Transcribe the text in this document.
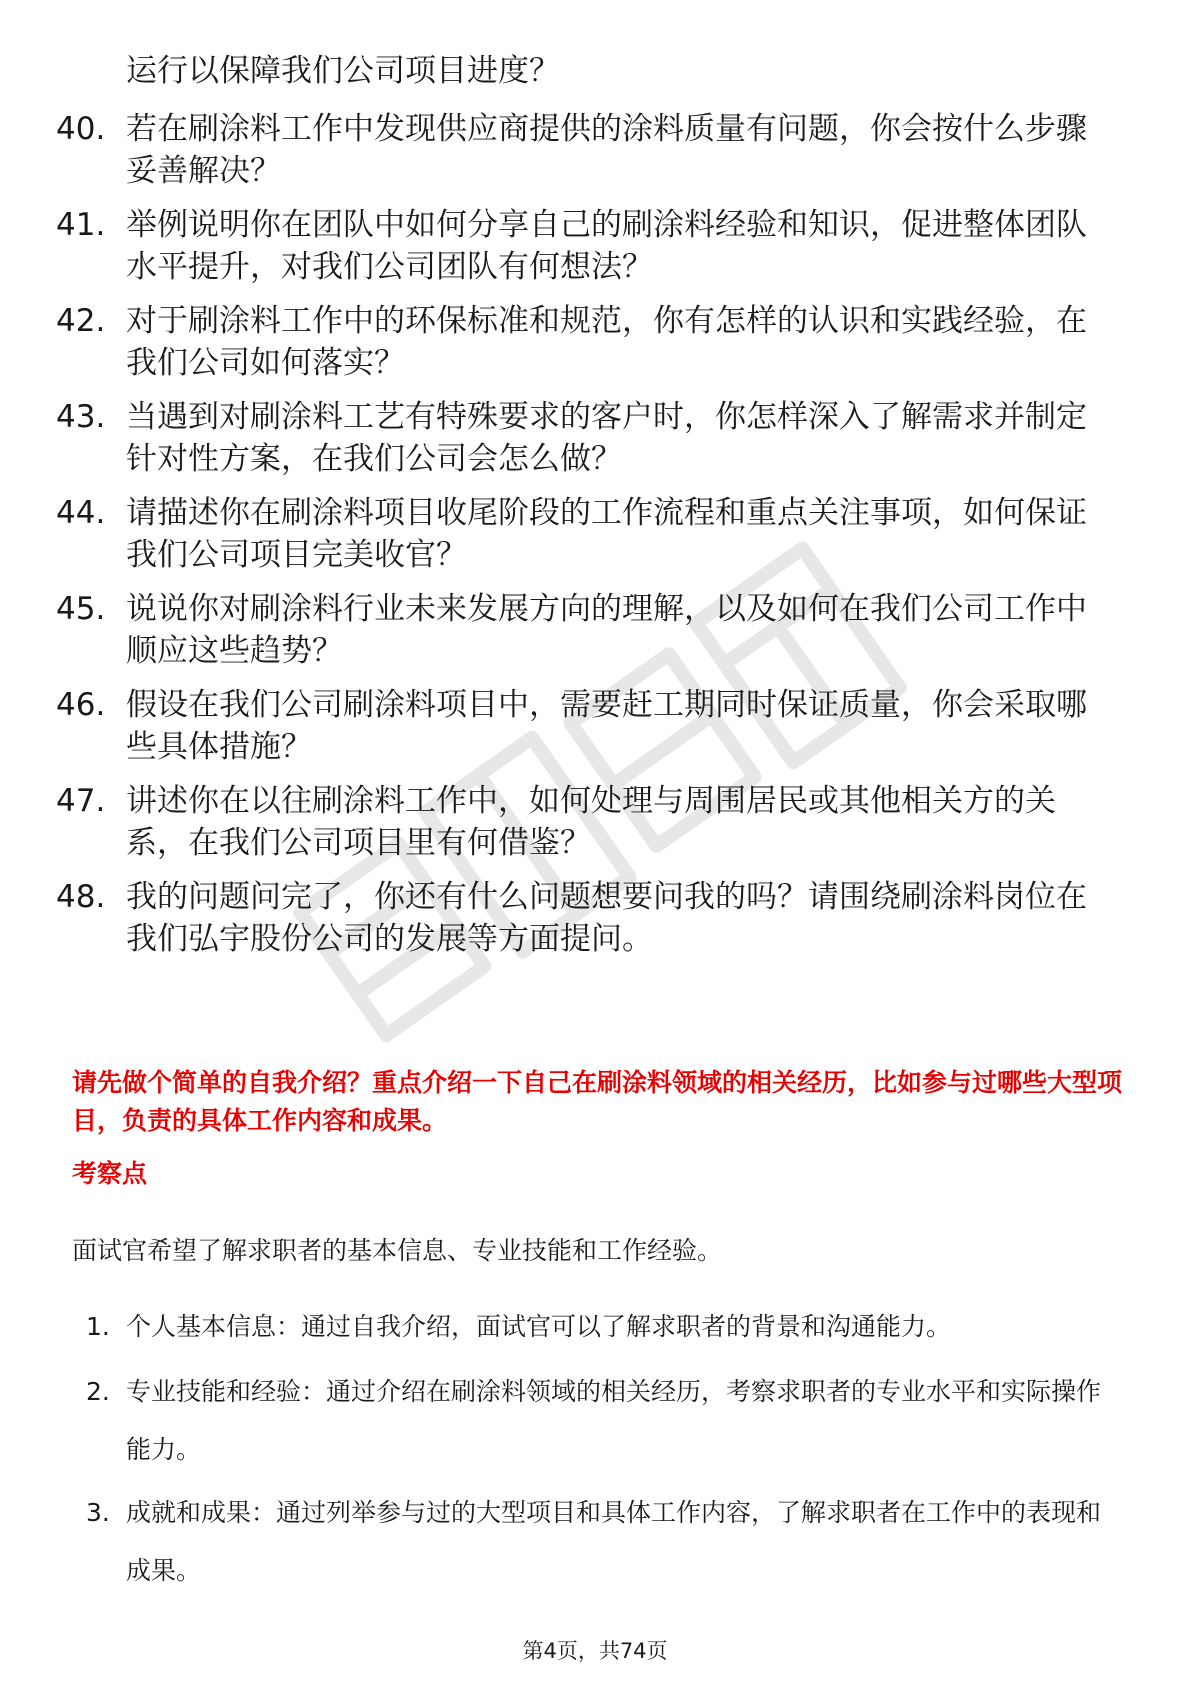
运行以保障我们公司项目进度？
40. 若在刷涂料工作中发现供应商提供的涂料质量有问题，你会按什么步骤妥善解决？
41. 举例说明你在团队中如何分享自己的刷涂料经验和知识，促进整体团队水平提升，对我们公司团队有何想法？
42. 对于刷涂料工作中的环保标准和规范，你有怎样的认识和实践经验，在我们公司如何落实？
43. 当遇到对刷涂料工艺有特殊要求的客户时，你怎样深入了解需求并制定针对性方案，在我们公司会怎么做？
44. 请描述你在刷涂料项目收尾阶段的工作流程和重点关注事项，如何保证我们公司项目完美收官？
45. 说说你对刷涂料行业未来发展方向的理解，以及如何在我们公司工作中顺应这些趋势？
46. 假设在我们公司刷涂料项目中，需要赶工期同时保证质量，你会采取哪些具体措施？
47. 讲述你在以往刷涂料工作中，如何处理与周围居民或其他相关方的关系，在我们公司项目里有何借鉴？
48. 我的问题问完了，你还有什么问题想要问我的吗？请围绕刷涂料岗位在我们弘宇股份公司的发展等方面提问。
请先做个简单的自我介绍？重点介绍一下自己在刷涂料领域的相关经历，比如参与过哪些大型项目，负责的具体工作内容和成果。
考察点
面试官希望了解求职者的基本信息、专业技能和工作经验。
1. 个人基本信息：通过自我介绍，面试官可以了解求职者的背景和沟通能力。
2. 专业技能和经验：通过介绍在刷涂料领域的相关经历，考察求职者的专业水平和实际操作能力。
3. 成就和成果：通过列举参与过的大型项目和具体工作内容，了解求职者在工作中的表现和成果。
第4页，共74页
